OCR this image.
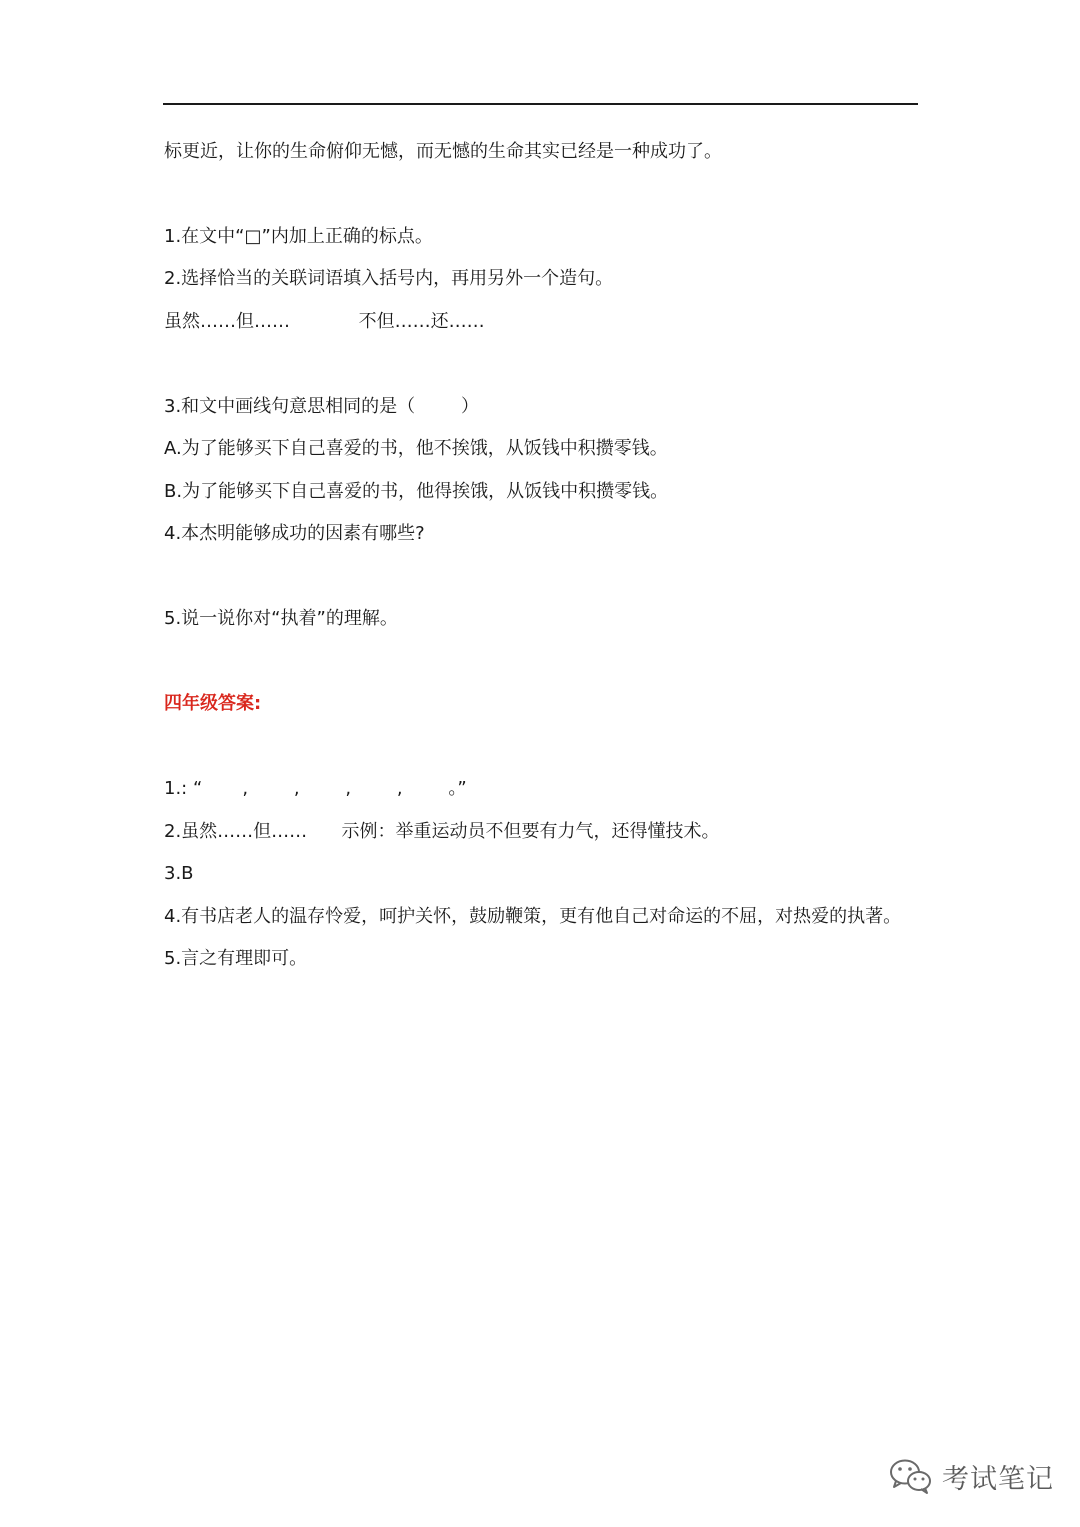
标更近，让你的生命俯仰无憾，而无憾的生命其实已经是一种成功了。
1.在文中“□”内加上正确的标点。
2.选择恰当的关联词语填入括号内，再用另外一个造句。
虽然……但……            不但……还……
3.和文中画线句意思相同的是（        ）
A.为了能够买下自己喜爱的书，他不挨饿，从饭钱中积攒零钱。
B.为了能够买下自己喜爱的书，他得挨饿，从饭钱中积攒零钱。
4.本杰明能够成功的因素有哪些?
5.说一说你对“执着”的理解。
四年级答案:
1.: “       ,        ,        ,        ,        。”
2.虽然……但……      示例：举重运动员不但要有力气，还得懂技术。
3.B
4.有书店老人的温存怜爱，呵护关怀，鼓励鞭策，更有他自己对命运的不屈，对热爱的执著。
5.言之有理即可。
考试笔记
